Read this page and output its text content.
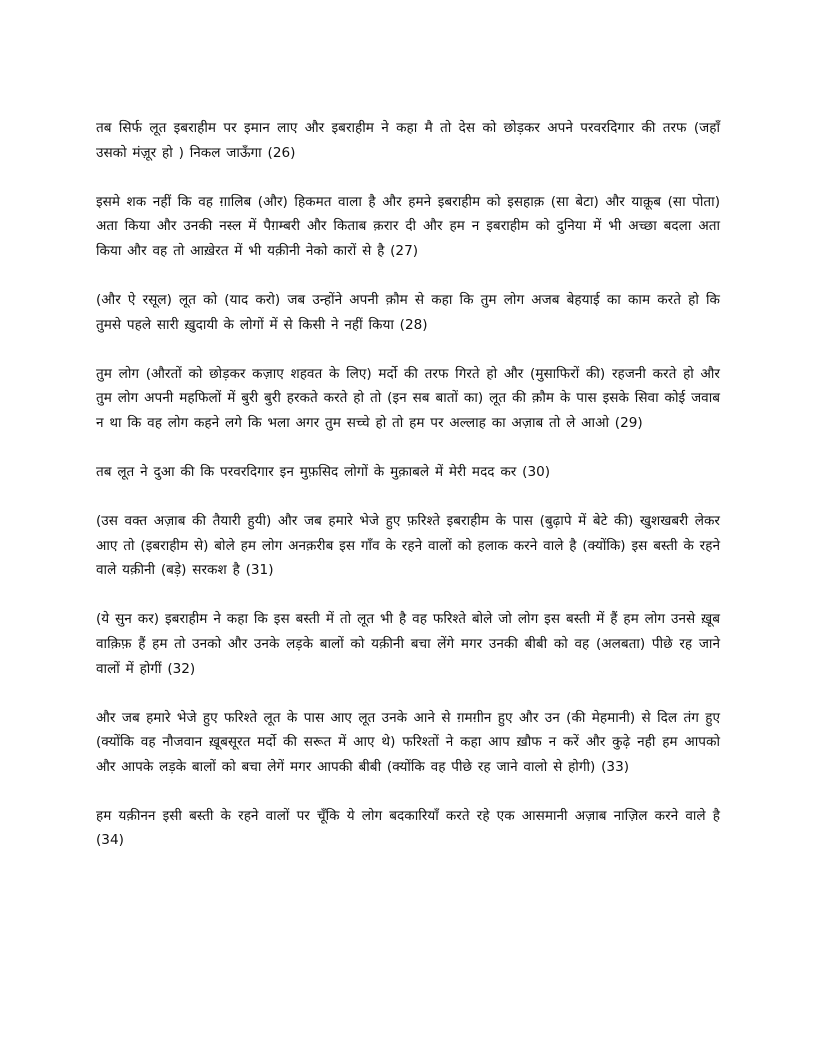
तब सिर्फ लूत इबराहीम पर इमान लाए और इबराहीम ने कहा मै तो देस को छोड़कर अपने परवरदिगार की तरफ (जहाँ उसको मंज़ूर हो ) निकल जाऊँगा (26)

इसमे शक नहीं कि वह ग़ालिब (और) हिकमत वाला है और हमने इबराहीम को इसहाक़ (सा बेटा) और याक़ूब (सा पोता) अता किया और उनकी नस्ल में पैग़म्बरी और किताब क़रार दी और हम न इबराहीम को दुनिया में भी अच्छा बदला अता किया और वह तो आख़ेरत में भी यक़ीनी नेको कारों से है (27)

(और ऐ रसूल) लूत को (याद करो) जब उन्होंने अपनी क़ौम से कहा कि तुम लोग अजब बेहयाई का काम करते हो कि तुमसे पहले सारी ख़ुदायी के लोगों में से किसी ने नहीं किया (28)

तुम लोग (औरतों को छोड़कर कज़ाए शहवत के लिए) मर्दो की तरफ गिरते हो और (मुसाफिरों की) रहजनी करते हो और तुम लोग अपनी महफिलों में बुरी बुरी हरकते करते हो तो (इन सब बातों का) लूत की क़ौम के पास इसके सिवा कोई जवाब न था कि वह लोग कहने लगे कि भला अगर तुम सच्चे हो तो हम पर अल्लाह का अज़ाब तो ले आओ (29)

तब लूत ने दुआ की कि परवरदिगार इन मुफ़सिद लोगों के मुक़ाबले में मेरी मदद कर (30)

(उस वक्त अज़ाब की तैयारी हुयी) और जब हमारे भेजे हुए फ़रिश्ते इबराहीम के पास (बुढ़ापे में बेटे की) खुशखबरी लेकर आए तो (इबराहीम से) बोले हम लोग अनक़रीब इस गाँव के रहने वालों को हलाक करने वाले है (क्योंकि) इस बस्ती के रहने वाले यक़ीनी (बड़े) सरकश है (31)

(ये सुन कर) इबराहीम ने कहा कि इस बस्ती में तो लूत भी है वह फरिश्ते बोले जो लोग इस बस्ती में हैं हम लोग उनसे ख़ूब वाक़िफ़ हैं हम तो उनको और उनके लड़के बालों को यक़ीनी बचा लेंगे मगर उनकी बीबी को वह (अलबता) पीछे रह जाने वालों में होगीं (32)

और जब हमारे भेजे हुए फरिश्ते लूत के पास आए लूत उनके आने से ग़मग़ीन हुए और उन (की मेहमानी) से दिल तंग हुए (क्योंकि वह नौजवान ख़ूबसूरत मर्दो की सरूत में आए थे) फरिश्तों ने कहा आप ख़ौफ न करें और कुढ़े नही हम आपको और आपके लड़के बालों को बचा लेगें मगर आपकी बीबी (क्योंकि वह पीछे रह जाने वालो से होगी) (33)

हम यक़ीनन इसी बस्ती के रहने वालों पर चूँकि ये लोग बदकारियाँ करते रहे एक आसमानी अज़ाब नाज़िल करने वाले है (34)
